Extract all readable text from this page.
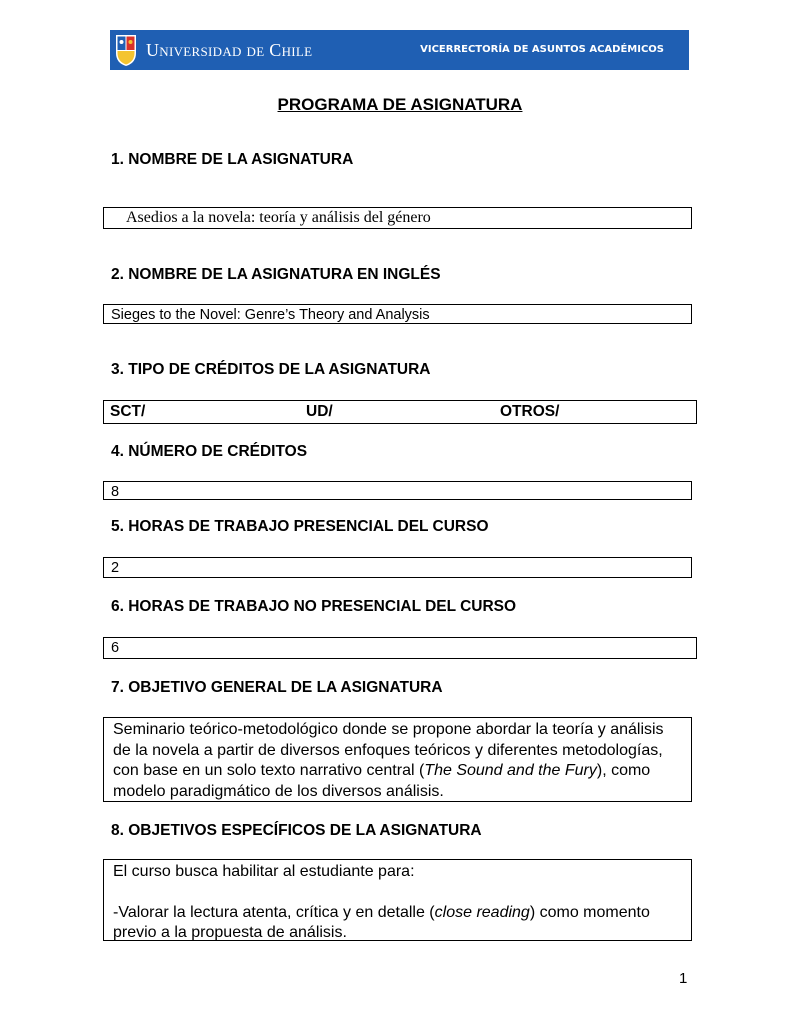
Universidad de Chile	VICERRECTORÍA DE ASUNTOS ACADÉMICOS
PROGRAMA DE ASIGNATURA
1. NOMBRE DE LA ASIGNATURA
Asedios a la novela: teoría y análisis del género
2. NOMBRE DE LA ASIGNATURA EN INGLÉS
Sieges to the Novel: Genre’s Theory and Analysis
3. TIPO DE CRÉDITOS DE LA ASIGNATURA
SCT/	UD/	OTROS/
4. NÚMERO DE CRÉDITOS
8
5. HORAS DE TRABAJO PRESENCIAL DEL CURSO
2
6. HORAS DE TRABAJO NO PRESENCIAL DEL CURSO
6
7. OBJETIVO GENERAL DE LA ASIGNATURA

Seminario teórico-metodológico donde se propone abordar la teoría y análisis de la novela a partir de diversos enfoques teóricos y diferentes metodologías, con base en un solo texto narrativo central (The Sound and the Fury), como modelo paradigmático de los diversos análisis.

8. OBJETIVOS ESPECÍFICOS DE LA ASIGNATURA

El curso busca habilitar al estudiante para:

-Valorar la lectura atenta, crítica y en detalle (close reading) como momento previo a la propuesta de análisis.

1
